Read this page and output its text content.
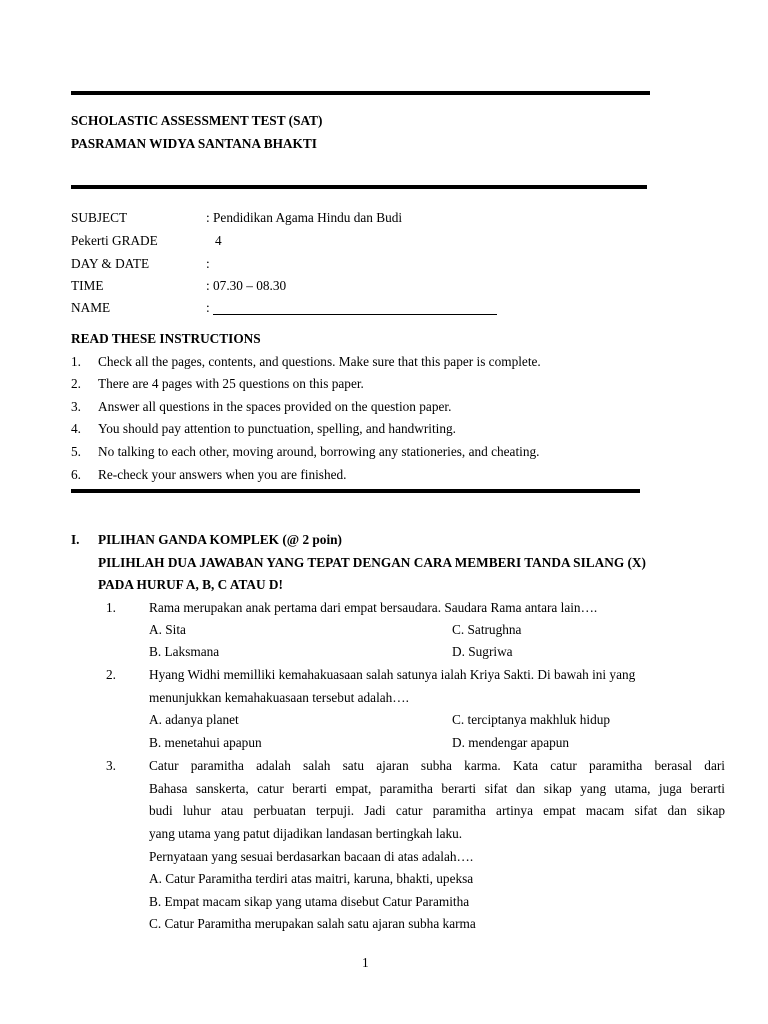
SCHOLASTIC ASSESSMENT TEST (SAT)
PASRAMAN WIDYA SANTANA BHAKTI
SUBJECT	: Pendidikan Agama Hindu dan Budi
Pekerti GRADE	4
DAY & DATE	:
TIME	: 07.30 – 08.30
NAME	:
READ THESE INSTRUCTIONS
1. Check all the pages, contents, and questions. Make sure that this paper is complete.
2. There are 4 pages with 25 questions on this paper.
3. Answer all questions in the spaces provided on the question paper.
4. You should pay attention to punctuation, spelling, and handwriting.
5. No talking to each other, moving around, borrowing any stationeries, and cheating.
6. Re-check your answers when you are finished.
I. PILIHAN GANDA KOMPLEK (@ 2 poin)
PILIHLAH DUA JAWABAN YANG TEPAT DENGAN CARA MEMBERI TANDA SILANG (X)
PADA HURUF A, B, C ATAU D!
1. Rama merupakan anak pertama dari empat bersaudara. Saudara Rama antara lain….
A. Sita	C. Satrughna
B. Laksmana	D. Sugriwa
2. Hyang Widhi memilliki kemahakuasaan salah satunya ialah Kriya Sakti. Di bawah ini yang
menunjukkan kemahakuasaan tersebut adalah….
A. adanya planet	C. terciptanya makhluk hidup
B. menetahui apapun	D. mendengar apapun
3. Catur paramitha adalah salah satu ajaran subha karma. Kata catur paramitha berasal dari
Bahasa sanskerta, catur berarti empat, paramitha berarti sifat dan sikap yang utama, juga berarti
budi luhur atau perbuatan terpuji. Jadi catur paramitha artinya empat macam sifat dan sikap
yang utama yang patut dijadikan landasan bertingkah laku.
Pernyataan yang sesuai berdasarkan bacaan di atas adalah….
A. Catur Paramitha terdiri atas maitri, karuna, bhakti, upeksa
B. Empat macam sikap yang utama disebut Catur Paramitha
C. Catur Paramitha merupakan salah satu ajaran subha karma
1
